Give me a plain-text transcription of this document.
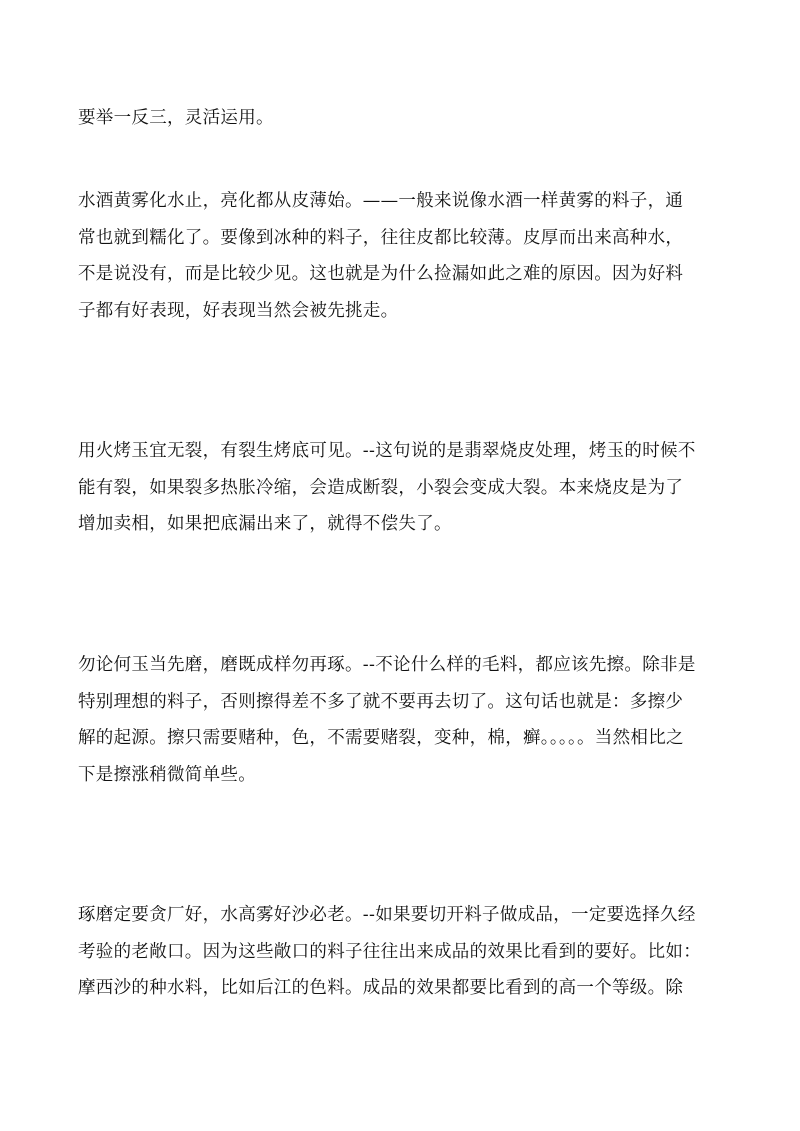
要举一反三，灵活运用。
水酒黄雾化水止，亮化都从皮薄始。——一般来说像水酒一样黄雾的料子，通
常也就到糯化了。要像到冰种的料子，往往皮都比较薄。皮厚而出来高种水，
不是说没有，而是比较少见。这也就是为什么捡漏如此之难的原因。因为好料
子都有好表现，好表现当然会被先挑走。
用火烤玉宜无裂，有裂生烤底可见。--这句说的是翡翠烧皮处理，烤玉的时候不
能有裂，如果裂多热胀冷缩，会造成断裂，小裂会变成大裂。本来烧皮是为了
增加卖相，如果把底漏出来了，就得不偿失了。
勿论何玉当先磨，磨既成样勿再琢。--不论什么样的毛料，都应该先擦。除非是
特别理想的料子，否则擦得差不多了就不要再去切了。这句话也就是：多擦少
解的起源。擦只需要赌种，色，不需要赌裂，变种，棉，癣。。。。。当然相比之
下是擦涨稍微简单些。
琢磨定要贪厂好，水高雾好沙必老。--如果要切开料子做成品，一定要选择久经
考验的老敞口。因为这些敞口的料子往往出来成品的效果比看到的要好。比如：
摩西沙的种水料，比如后江的色料。成品的效果都要比看到的高一个等级。除
